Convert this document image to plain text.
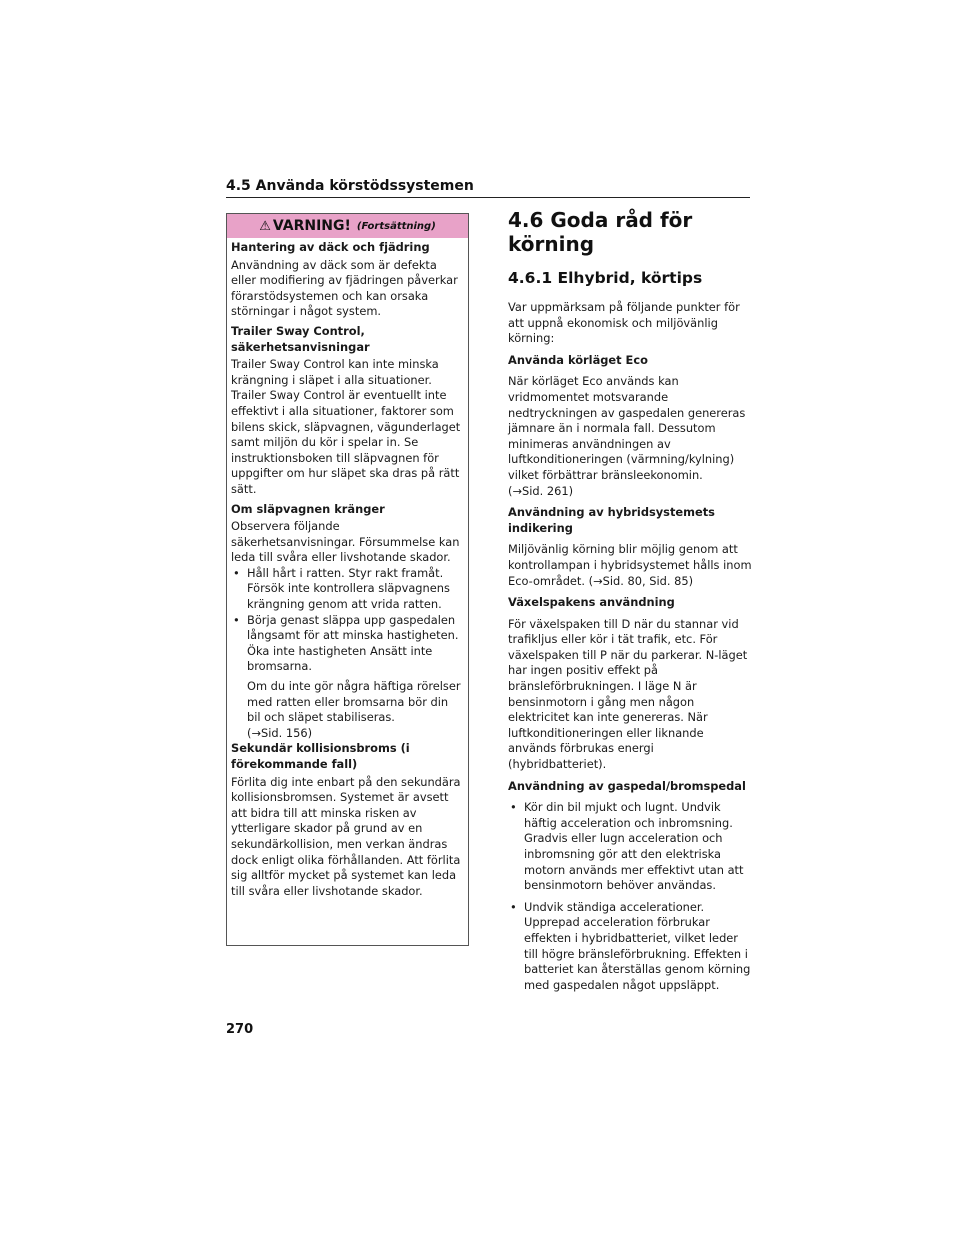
4.5 Använda körstödssystemen
⚠ VARNING! (Fortsättning)
Hantering av däck och fjädring

Användning av däck som är defekta eller modifiering av fjädringen påverkar förarstödsystemen och kan orsaka störningar i något system.

Trailer Sway Control, säkerhetsanvisningar

Trailer Sway Control kan inte minska krängning i släpet i alla situationer. Trailer Sway Control är eventuellt inte effektivt i alla situationer, faktorer som bilens skick, släpvagnen, vägunderlaget samt miljön du kör i spelar in. Se instruktionsboken till släpvagnen för uppgifter om hur släpet ska dras på rätt sätt.

Om släpvagnen kränger

Observera följande säkerhetsanvisningar. Försummelse kan leda till svåra eller livshotande skador.

• Håll hårt i ratten. Styr rakt framåt. Försök inte kontrollera släpvagnens krängning genom att vrida ratten.
• Börja genast släppa upp gaspedalen långsamt för att minska hastigheten. Öka inte hastigheten Ansätt inte bromsarna.

Om du inte gör några häftiga rörelser med ratten eller bromsarna bör din bil och släpet stabiliseras.

(→Sid. 156)

Sekundär kollisionsbroms (i förekommande fall)

Förlita dig inte enbart på den sekundära kollisionsbromsen. Systemet är avsett att bidra till att minska risken av ytterligare skador på grund av en sekundärkollision, men verkan ändras dock enligt olika förhållanden. Att förlita sig alltför mycket på systemet kan leda till svåra eller livshotande skador.

4.6 Goda råd för körning
4.6.1 Elhybrid, körtips

Var uppmärksam på följande punkter för att uppnå ekonomisk och miljövänlig körning:

Använda körläget Eco

När körläget Eco används kan vridmomentet motsvarande nedtryckningen av gaspedalen genereras jämnare än i normala fall. Dessutom minimeras användningen av luftkonditioneringen (värmning/kylning) vilket förbättrar bränsleekonomin.

(→Sid. 261)

Användning av hybridsystemets indikering

Miljövänlig körning blir möjlig genom att kontrollampan i hybridsystemet hålls inom Eco-området. (→Sid. 80, Sid. 85)

Växelspakens användning

För växelspaken till D när du stannar vid trafikljus eller kör i tät trafik, etc. För växelspaken till P när du parkerar. N-läget har ingen positiv effekt på bränsleförbrukningen. I läge N är bensinmotorn i gång men någon elektricitet kan inte genereras. När luftkonditioneringen eller liknande används förbrukas energi (hybridbatteriet).

Användning av gaspedal/bromspedal
• Kör din bil mjukt och lugnt. Undvik häftig acceleration och inbromsning. Gradvis eller lugn acceleration och inbromsning gör att den elektriska motorn används mer effektivt utan att bensinmotorn behöver användas.
• Undvik ständiga accelerationer. Upprepad acceleration förbrukar effekten i hybridbatteriet, vilket leder till högre bränsleförbrukning. Effekten i batteriet kan återställas genom körning med gaspedalen något uppsläppt.
270
